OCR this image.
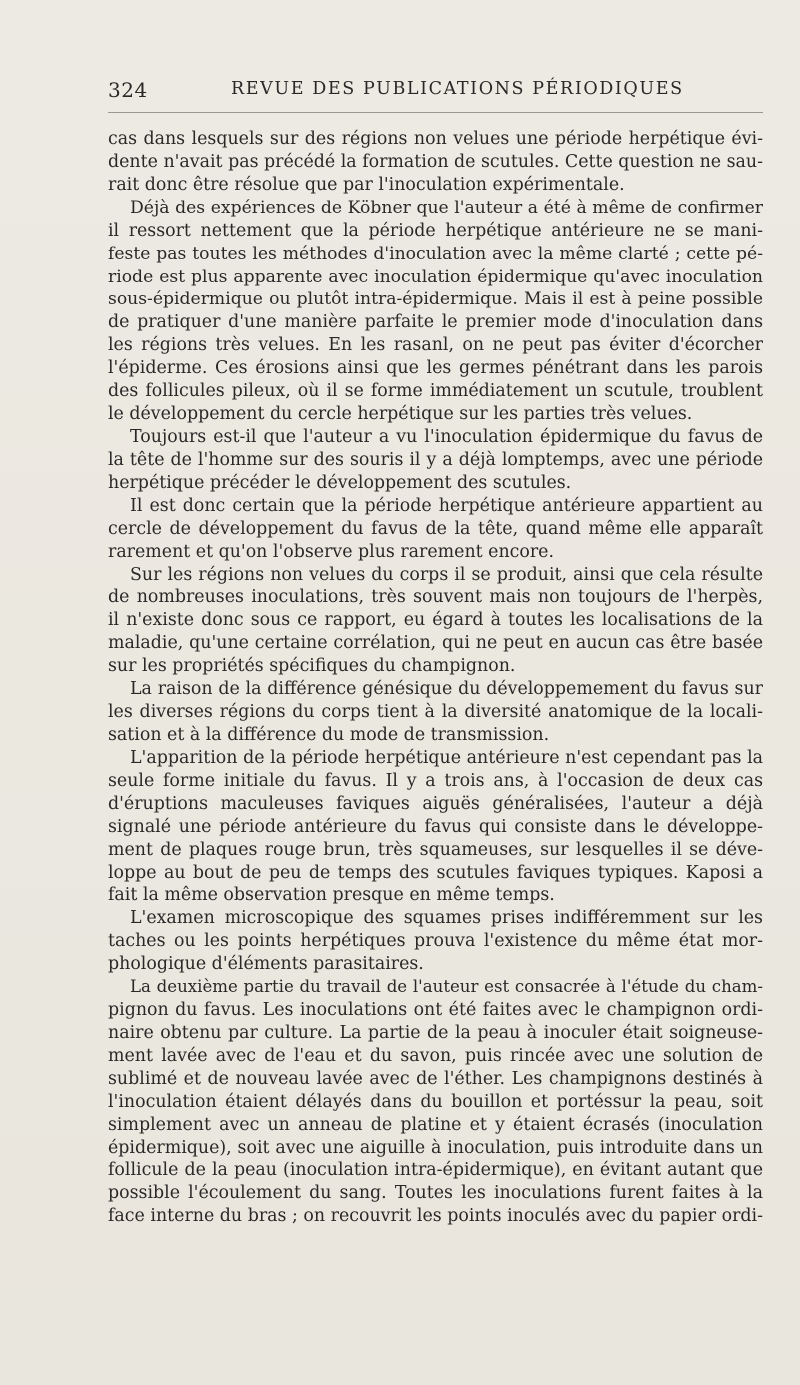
324	REVUE DES PUBLICATIONS PÉRIODIQUES
cas dans lesquels sur des régions non velues une période herpétique évi-
dente n'avait pas précédé la formation de scutules. Cette question ne sau-
rait donc être résolue que par l'inoculation expérimentale.
Déjà des expériences de Köbner que l'auteur a été à même de confirmer
il ressort nettement que la période herpétique antérieure ne se mani-
feste pas toutes les méthodes d'inoculation avec la même clarté ; cette pé-
riode est plus apparente avec inoculation épidermique qu'avec inoculation
sous-épidermique ou plutôt intra-épidermique. Mais il est à peine possible
de pratiquer d'une manière parfaite le premier mode d'inoculation dans
les régions très velues. En les rasanl, on ne peut pas éviter d'écorcher
l'épiderme. Ces érosions ainsi que les germes pénétrant dans les parois
des follicules pileux, où il se forme immédiatement un scutule, troublent
le développement du cercle herpétique sur les parties très velues.
Toujours est-il que l'auteur a vu l'inoculation épidermique du favus de
la tête de l'homme sur des souris il y a déjà lomptemps, avec une période
herpétique précéder le développement des scutules.
Il est donc certain que la période herpétique antérieure appartient au
cercle de développement du favus de la tête, quand même elle apparaît
rarement et qu'on l'observe plus rarement encore.
Sur les régions non velues du corps il se produit, ainsi que cela résulte
de nombreuses inoculations, très souvent mais non toujours de l'herpès,
il n'existe donc sous ce rapport, eu égard à toutes les localisations de la
maladie, qu'une certaine corrélation, qui ne peut en aucun cas être basée
sur les propriétés spécifiques du champignon.
La raison de la différence génésique du développemement du favus sur
les diverses régions du corps tient à la diversité anatomique de la locali-
sation et à la différence du mode de transmission.
L'apparition de la période herpétique antérieure n'est cependant pas la
seule forme initiale du favus. Il y a trois ans, à l'occasion de deux cas
d'éruptions maculeuses faviques aiguës généralisées, l'auteur a déjà
signalé une période antérieure du favus qui consiste dans le développe-
ment de plaques rouge brun, très squameuses, sur lesquelles il se déve-
loppe au bout de peu de temps des scutules faviques typiques. Kaposi a
fait la même observation presque en même temps.
L'examen microscopique des squames prises indifféremment sur les
taches ou les points herpétiques prouva l'existence du même état mor-
phologique d'éléments parasitaires.
La deuxième partie du travail de l'auteur est consacrée à l'étude du cham-
pignon du favus. Les inoculations ont été faites avec le champignon ordi-
naire obtenu par culture. La partie de la peau à inoculer était soigneuse-
ment lavée avec de l'eau et du savon, puis rincée avec une solution de
sublimé et de nouveau lavée avec de l'éther. Les champignons destinés à
l'inoculation étaient délayés dans du bouillon et portéssur la peau, soit
simplement avec un anneau de platine et y étaient écrasés (inoculation
épidermique), soit avec une aiguille à inoculation, puis introduite dans un
follicule de la peau (inoculation intra-épidermique), en évitant autant que
possible l'écoulement du sang. Toutes les inoculations furent faites à la
face interne du bras ; on recouvrit les points inoculés avec du papier ordi-
